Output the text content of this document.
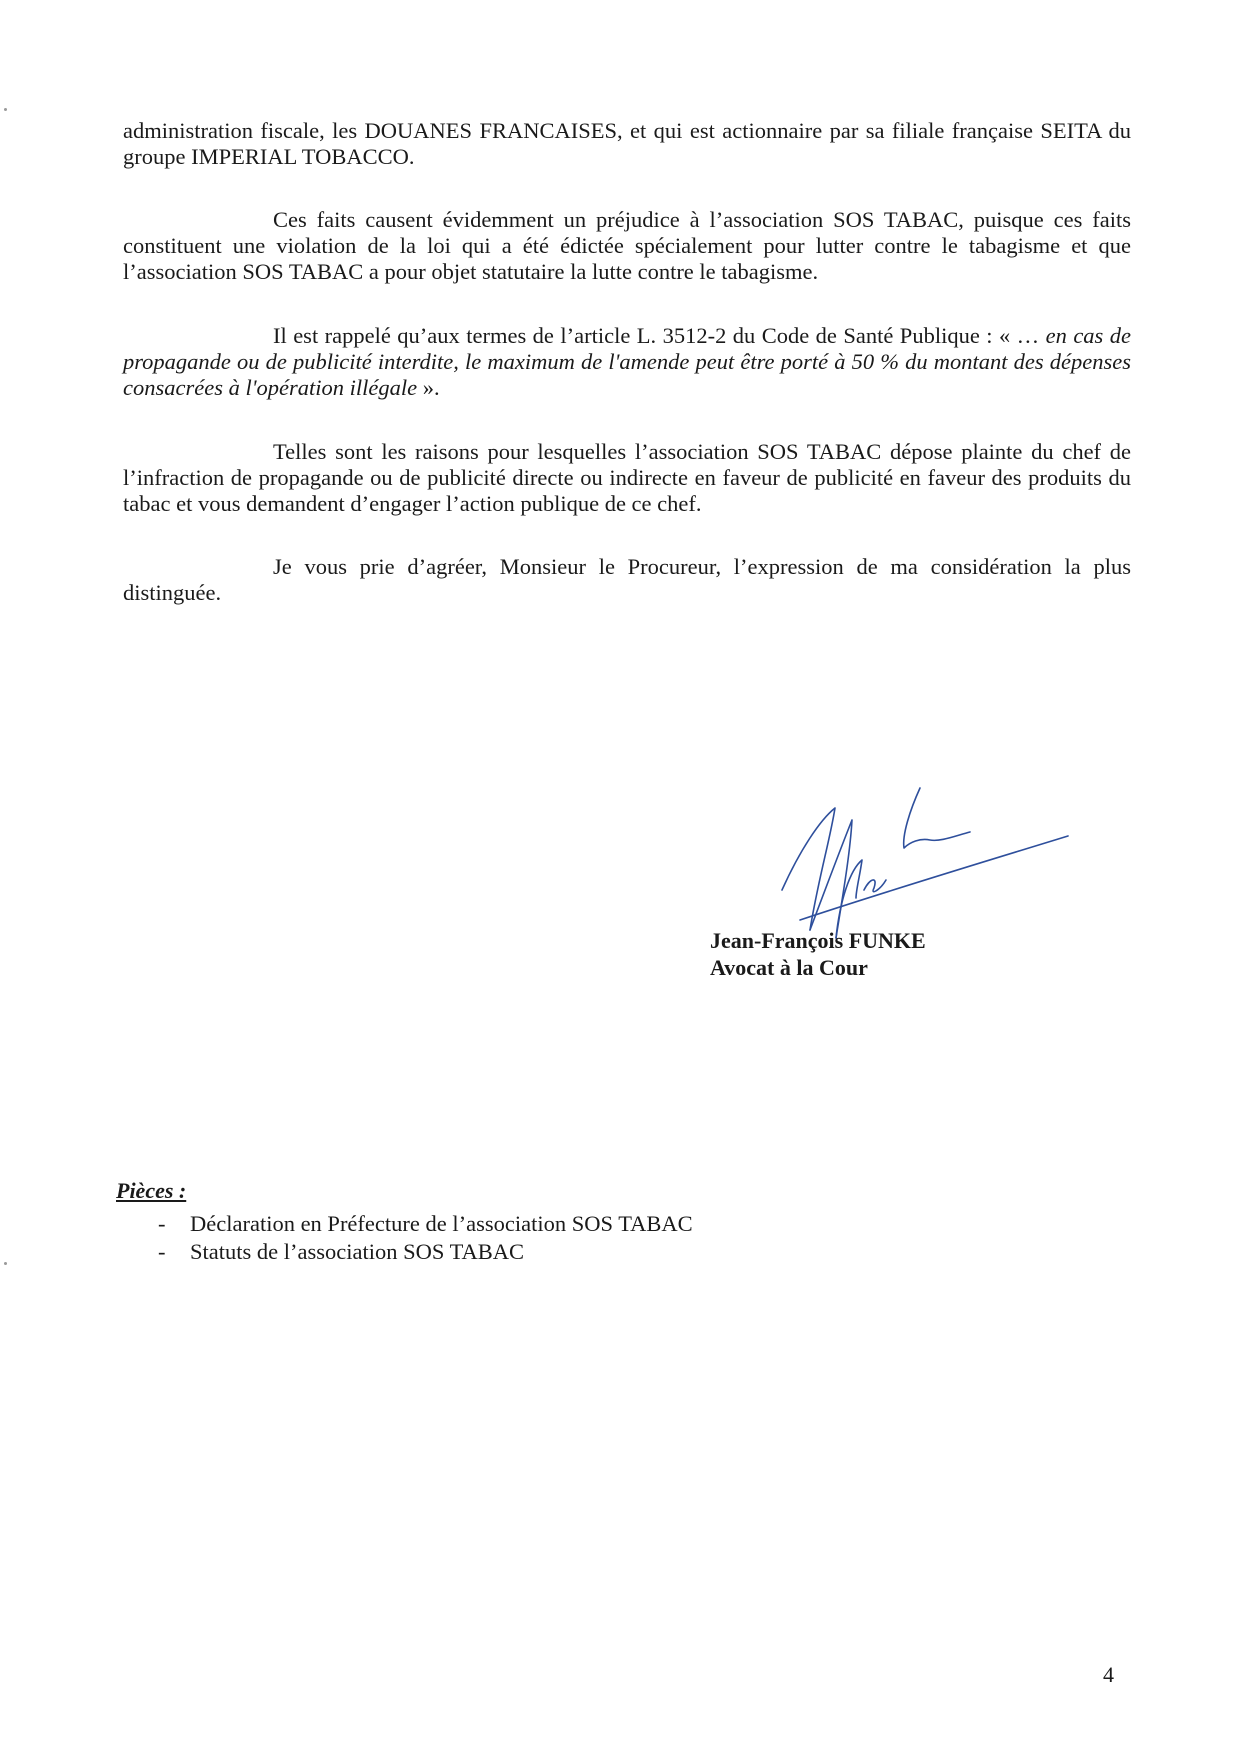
administration fiscale, les DOUANES FRANCAISES, et qui est actionnaire par sa filiale française SEITA du groupe IMPERIAL TOBACCO.

Ces faits causent évidemment un préjudice à l’association SOS TABAC, puisque ces faits constituent une violation de la loi qui a été édictée spécialement pour lutter contre le tabagisme et que l’association SOS TABAC a pour objet statutaire la lutte contre le tabagisme.

Il est rappelé qu’aux termes de l’article L. 3512-2 du Code de Santé Publique : « … en cas de propagande ou de publicité interdite, le maximum de l'amende peut être porté à 50 % du montant des dépenses consacrées à l'opération illégale ».

Telles sont les raisons pour lesquelles l’association SOS TABAC dépose plainte du chef de l’infraction de propagande ou de publicité directe ou indirecte en faveur de publicité en faveur des produits du tabac et vous demandent d’engager l’action publique de ce chef.

Je vous prie d’agréer, Monsieur le Procureur, l’expression de ma considération la plus distinguée.

Jean-François FUNKE

Avocat à la Cour

Pièces :

- Déclaration en Préfecture de l’association SOS TABAC
- Statuts de l’association SOS TABAC

4
